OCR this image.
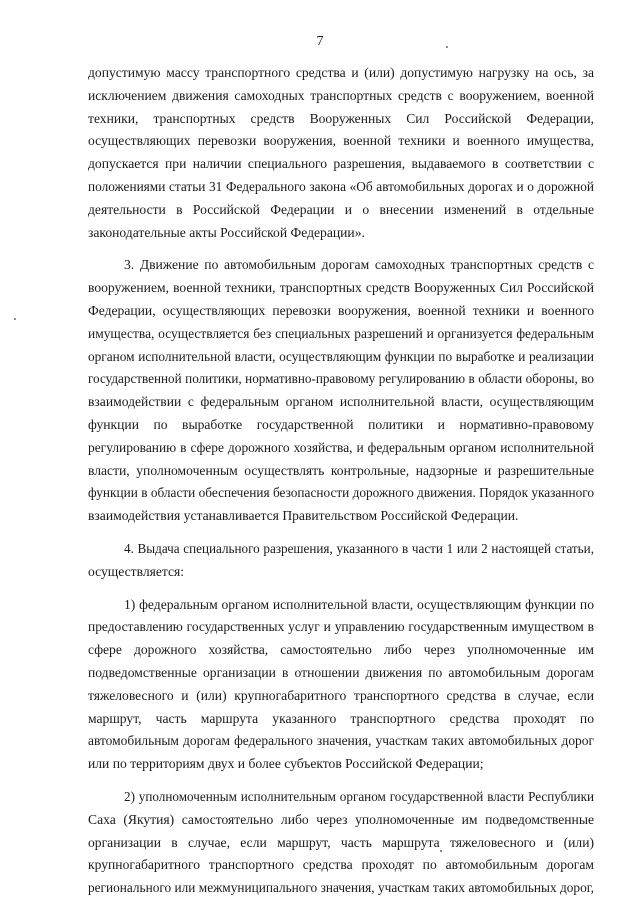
7
допустимую массу транспортного средства и (или) допустимую нагрузку на ось, за
исключением движения самоходных транспортных средств с вооружением, военной
техники, транспортных средств Вооруженных Сил Российской Федерации,
осуществляющих перевозки вооружения, военной техники и военного имущества,
допускается при наличии специального разрешения, выдаваемого в соответствии с
положениями статьи 31 Федерального закона «Об автомобильных дорогах и о дорожной
деятельности в Российской Федерации и о внесении изменений в отдельные
законодательные акты Российской Федерации».
3. Движение по автомобильным дорогам самоходных транспортных средств с
вооружением, военной техники, транспортных средств Вооруженных Сил Российской
Федерации, осуществляющих перевозки вооружения, военной техники и военного
имущества, осуществляется без специальных разрешений и организуется федеральным
органом исполнительной власти, осуществляющим функции по выработке и реализации
государственной политики, нормативно-правовому регулированию в области обороны, во
взаимодействии с федеральным органом исполнительной власти, осуществляющим
функции по выработке государственной политики и нормативно-правовому
регулированию в сфере дорожного хозяйства, и федеральным органом исполнительной
власти, уполномоченным осуществлять контрольные, надзорные и разрешительные
функции в области обеспечения безопасности дорожного движения. Порядок указанного
взаимодействия устанавливается Правительством Российской Федерации.
4. Выдача специального разрешения, указанного в части 1 или 2 настоящей статьи,
осуществляется:
1) федеральным органом исполнительной власти, осуществляющим функции по
предоставлению государственных услуг и управлению государственным имуществом в
сфере дорожного хозяйства, самостоятельно либо через уполномоченные им
подведомственные организации в отношении движения по автомобильным дорогам
тяжеловесного и (или) крупногабаритного транспортного средства в случае, если
маршрут, часть маршрута указанного транспортного средства проходят по
автомобильным дорогам федерального значения, участкам таких автомобильных дорог
или по территориям двух и более субъектов Российской Федерации;
2) уполномоченным исполнительным органом государственной власти Республики
Саха (Якутия) самостоятельно либо через уполномоченные им подведомственные
организации в случае, если маршрут, часть маршрута тяжеловесного и (или)
крупногабаритного транспортного средства проходят по автомобильным дорогам
регионального или межмуниципального значения, участкам таких автомобильных дорог,
